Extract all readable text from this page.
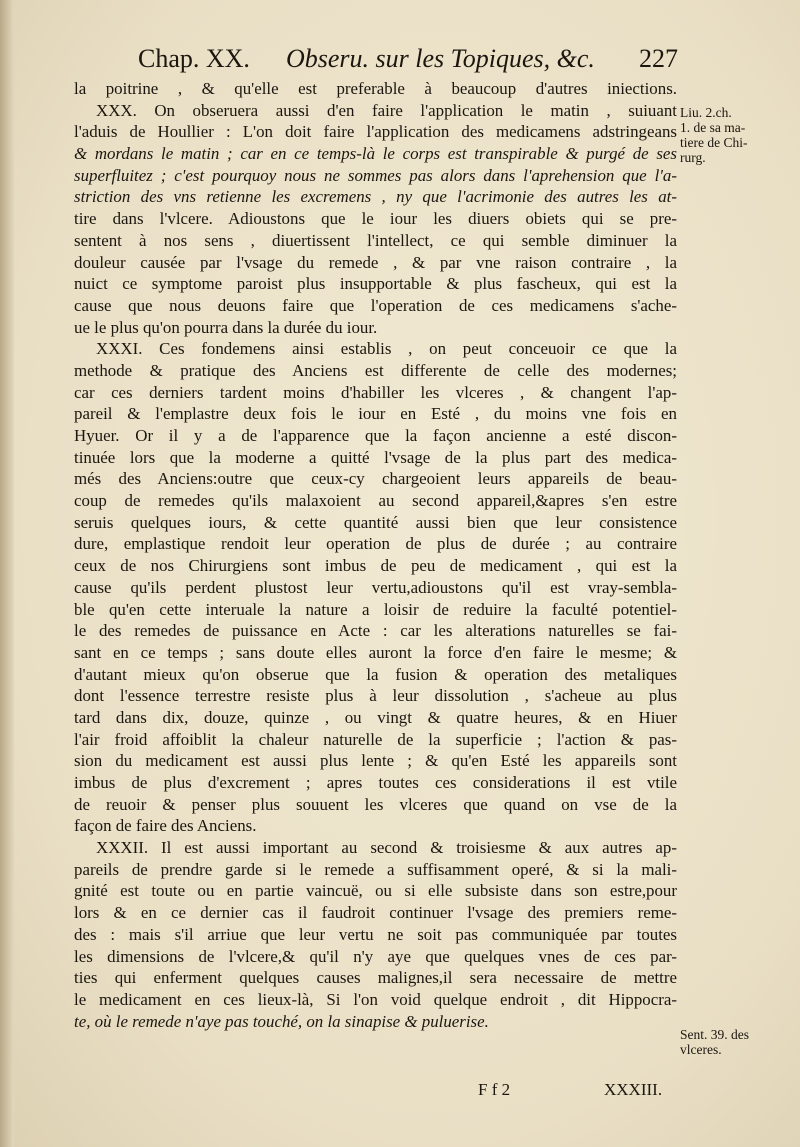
Chap. XX. Obseru. sur les Topiques, &c. 227
la poitrine , & qu'elle est preferable à beaucoup d'autres iniections.
XXX. On obseruera aussi d'en faire l'application le matin , suiuant
l'aduis de Houllier : L'on doit faire l'application des medicamens adstringeans
& mordans le matin ; car en ce temps-là le corps est transpirable & purgé de ses
superfluitez ; c'est pourquoy nous ne sommes pas alors dans l'aprehension que l'a-
striction des vns retienne les excremens , ny que l'acrimonie des autres les at-
tire dans l'vlcere. Adioustons que le iour les diuers obiets qui se pre-
sentent à nos sens , diuertissent l'intellect, ce qui semble diminuer la
douleur causée par l'vsage du remede , & par vne raison contraire , la
nuict ce symptome paroist plus insupportable & plus fascheux, qui est la
cause que nous deuons faire que l'operation de ces medicamens s'ache-
ue le plus qu'on pourra dans la durée du iour.
XXXI. Ces fondemens ainsi establis , on peut conceuoir ce que la
methode & pratique des Anciens est differente de celle des modernes;
car ces derniers tardent moins d'habiller les vlceres , & changent l'ap-
pareil & l'emplastre deux fois le iour en Esté , du moins vne fois en
Hyuer. Or il y a de l'apparence que la façon ancienne a esté discon-
tinuée lors que la moderne a quitté l'vsage de la plus part des medica-
més des Anciens:outre que ceux-cy chargeoient leurs appareils de beau-
coup de remedes qu'ils malaxoient au second appareil,&apres s'en estre
seruis quelques iours, & cette quantité aussi bien que leur consistence
dure, emplastique rendoit leur operation de plus de durée ; au contraire
ceux de nos Chirurgiens sont imbus de peu de medicament , qui est la
cause qu'ils perdent plustost leur vertu,adioustons qu'il est vray-sembla-
ble qu'en cette interuale la nature a loisir de reduire la faculté potentiel-
le des remedes de puissance en Acte : car les alterations naturelles se fai-
sant en ce temps ; sans doute elles auront la force d'en faire le mesme; &
d'autant mieux qu'on obserue que la fusion & operation des metaliques
dont l'essence terrestre resiste plus à leur dissolution , s'acheue au plus
tard dans dix, douze, quinze , ou vingt & quatre heures, & en Hiuer
l'air froid affoiblit la chaleur naturelle de la superficie ; l'action & pas-
sion du medicament est aussi plus lente ; & qu'en Esté les appareils sont
imbus de plus d'excrement ; apres toutes ces considerations il est vtile
de reuoir & penser plus souuent les vlceres que quand on vse de la
façon de faire des Anciens.
XXXII. Il est aussi important au second & troisiesme & aux autres ap-
pareils de prendre garde si le remede a suffisamment operé, & si la mali-
gnité est toute ou en partie vaincuë, ou si elle subsiste dans son estre,pour
lors & en ce dernier cas il faudroit continuer l'vsage des premiers reme-
des : mais s'il arriue que leur vertu ne soit pas communiquée par toutes
les dimensions de l'vlcere,& qu'il n'y aye que quelques vnes de ces par-
ties qui enferment quelques causes malignes,il sera necessaire de mettre
le medicament en ces lieux-là, Si l'on void quelque endroit , dit Hippocra-
te, où le remede n'aye pas touché, on la sinapise & puluerise.
Liu. 2.ch.
1. de sa ma-
tiere de Chi-
rurg.
Sent. 39. des
vlceres.
F f 2	XXXIII.
